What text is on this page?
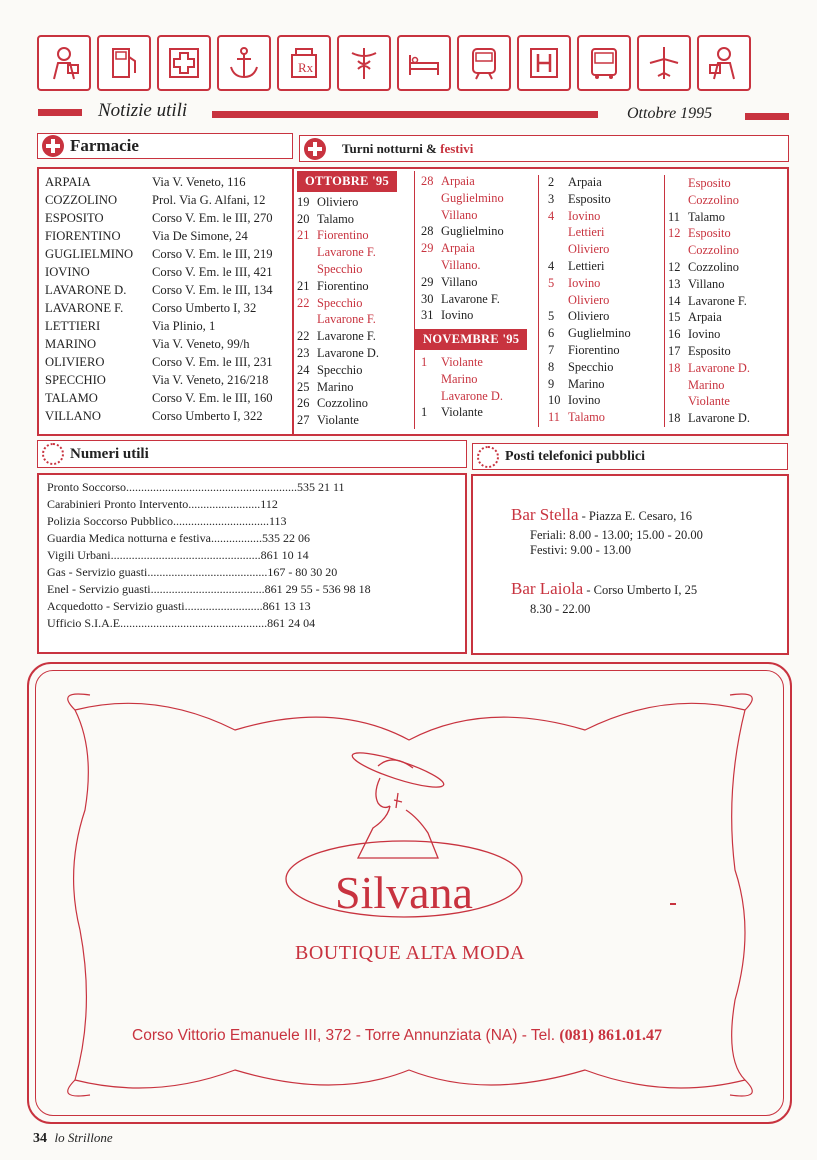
Rx
Notizie utili	Ottobre 1995
Farmacie	Turni notturni & festivi
ARPAIA	Via V. Veneto, 116
COZZOLINO	Prol. Via G. Alfani, 12
ESPOSITO	Corso V. Em. le III, 270
FIORENTINO Via De Simone, 24
GUGLIELMINO Corso V. Em. le III, 219
IOVINO	Corso V. Em. le III, 421
LAVARONE D. Corso V. Em. le III, 134
LAVARONE F. Corso Umberto I, 32
LETTIERI	Via Plinio, 1
MARINO	Via V. Veneto, 99/h
OLIVIERO	Corso V. Em. le III, 231
SPECCHIO	Via V. Veneto, 216/218
TALAMO	Corso V. Em. le III, 160
VILLANO	Corso Umberto I, 322
OTTOBRE '95
19 Oliviero
20 Talamo
21 Fiorentino
Lavarone F.
Specchio
21 Fiorentino
22 Specchio
Lavarone F.
22 Lavarone F.
23 Lavarone D.
24 Specchio
25 Marino
26 Cozzolino
27 Violante
28 Arpaia
Guglielmino
Villano
28 Guglielmino
29 Arpaia
Villano.
29 Villano
30 Lavarone F.
31 Iovino
NOVEMBRE '95
1 Violante
Marino
Lavarone D.
1 Violante
2 Arpaia
3 Esposito
4 Iovino
Lettieri
Oliviero
4 Lettieri
5 Iovino
Oliviero
5 Oliviero
6 Guglielmino
7 Fiorentino
8 Specchio
9 Marino
10 Iovino
11 Talamo
Esposito
Cozzolino
11 Talamo
12 Esposito
Cozzolino
12 Cozzolino
13 Villano
14 Lavarone F.
15 Arpaia
16 Iovino
17 Esposito
18 Lavarone D.
Marino
Violante
18 Lavarone D.
Numeri utili
Pronto Soccorso.........................................................535 21 11
Carabinieri Pronto Intervento........................112
Polizia Soccorso Pubblico................................113
Guardia Medica notturna e festiva.................535 22 06
Vigili Urbani..................................................861 10 14
Gas - Servizio guasti........................................167 - 80 30 20
Enel - Servizio guasti......................................861 29 55 - 536 98 18
Acquedotto - Servizio guasti..........................861 13 13
Ufficio S.I.A.E.................................................861 24 04
Posti telefonici pubblici
Bar Stella - Piazza E. Cesaro, 16
Feriali: 8.00 - 13.00; 15.00 - 20.00
Festivi: 9.00 - 13.00
Bar Laiola - Corso Umberto I, 25
8.30 - 22.00
Silvana
BOUTIQUE ALTA MODA
Corso Vittorio Emanuele III, 372 - Torre Annunziata (NA) - Tel. (081) 861.01.47
34 lo Strillone
